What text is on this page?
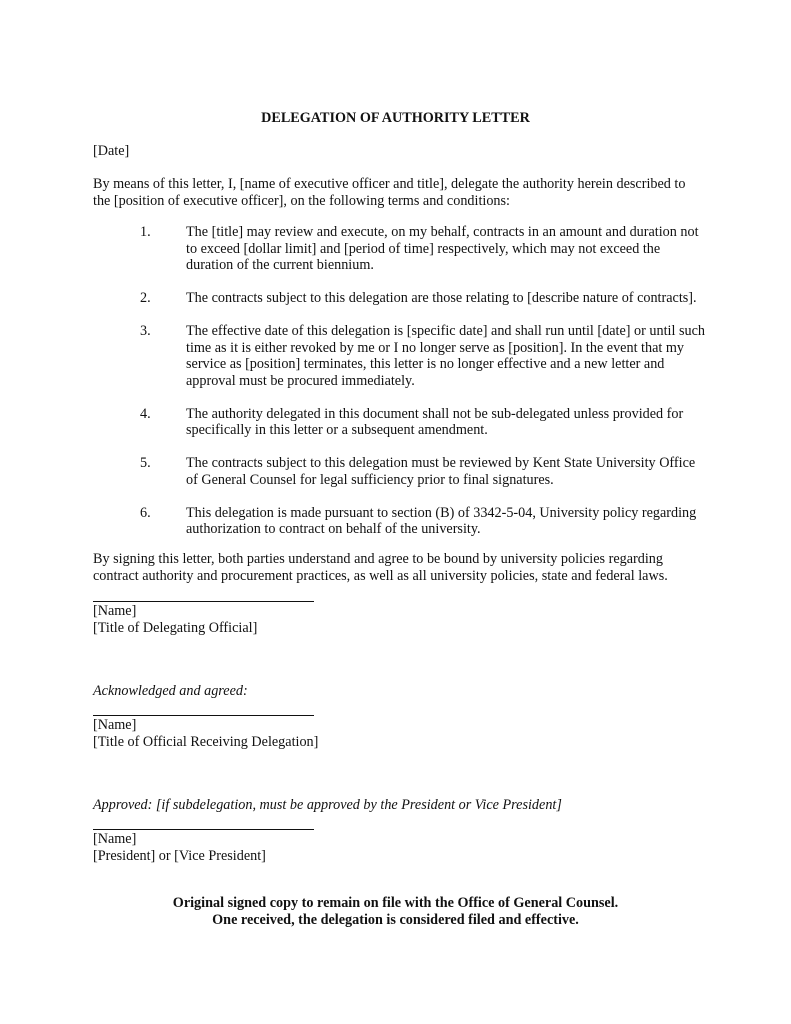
DELEGATION OF AUTHORITY LETTER

[Date]

By means of this letter, I, [name of executive officer and title], delegate the authority herein described to the [position of executive officer], on the following terms and conditions:

1. The [title] may review and execute, on my behalf, contracts in an amount and duration not to exceed [dollar limit] and [period of time] respectively, which may not exceed the duration of the current biennium.
2. The contracts subject to this delegation are those relating to [describe nature of contracts].
3. The effective date of this delegation is [specific date] and shall run until [date] or until such time as it is either revoked by me or I no longer serve as [position]. In the event that my service as [position] terminates, this letter is no longer effective and a new letter and approval must be procured immediately.
4. The authority delegated in this document shall not be sub-delegated unless provided for specifically in this letter or a subsequent amendment.
5. The contracts subject to this delegation must be reviewed by Kent State University Office of General Counsel for legal sufficiency prior to final signatures.
6. This delegation is made pursuant to section (B) of 3342-5-04, University policy regarding authorization to contract on behalf of the university.

By signing this letter, both parties understand and agree to be bound by university policies regarding contract authority and procurement practices, as well as all university policies, state and federal laws.

[Name]

[Title of Delegating Official]

Acknowledged and agreed:

[Name]

[Title of Official Receiving Delegation]

Approved: [if subdelegation, must be approved by the President or Vice President]

[Name]

[President] or [Vice President]

Original signed copy to remain on file with the Office of General Counsel.
One received, the delegation is considered filed and effective.
